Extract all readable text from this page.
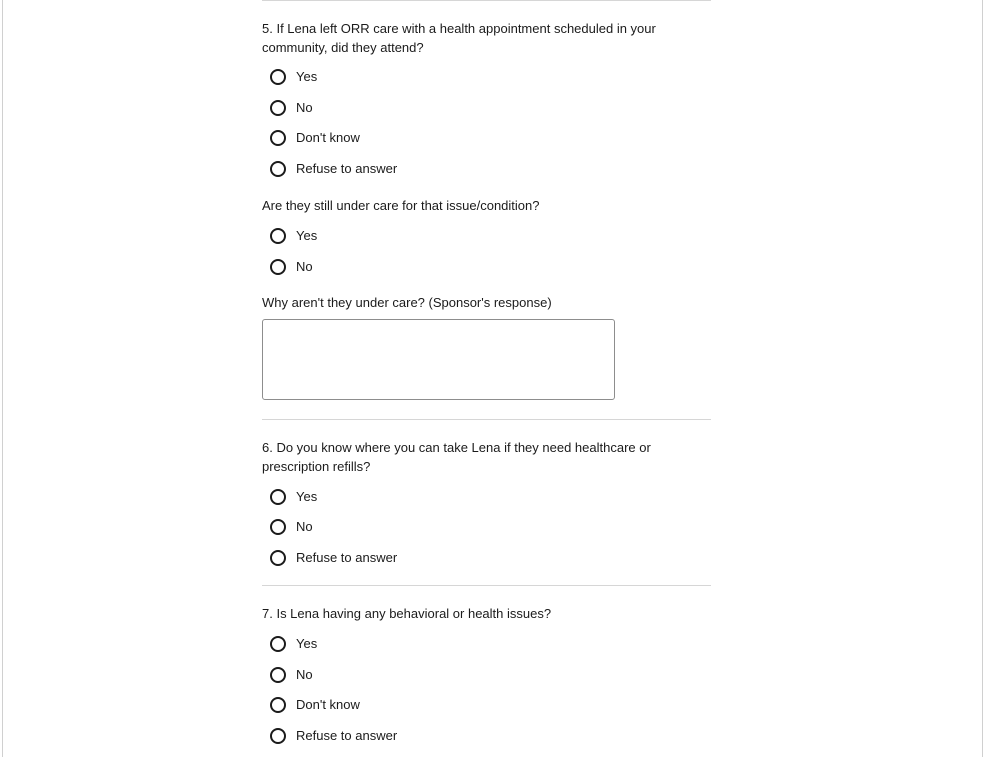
5. If Lena left ORR care with a health appointment scheduled in your community, did they attend?

Yes
No
Don't know
Refuse to answer

Are they still under care for that issue/condition?

Yes
No

Why aren't they under care? (Sponsor's response)

6. Do you know where you can take Lena if they need healthcare or prescription refills?

Yes
No
Refuse to answer

7. Is Lena having any behavioral or health issues?

Yes
No
Don't know
Refuse to answer
